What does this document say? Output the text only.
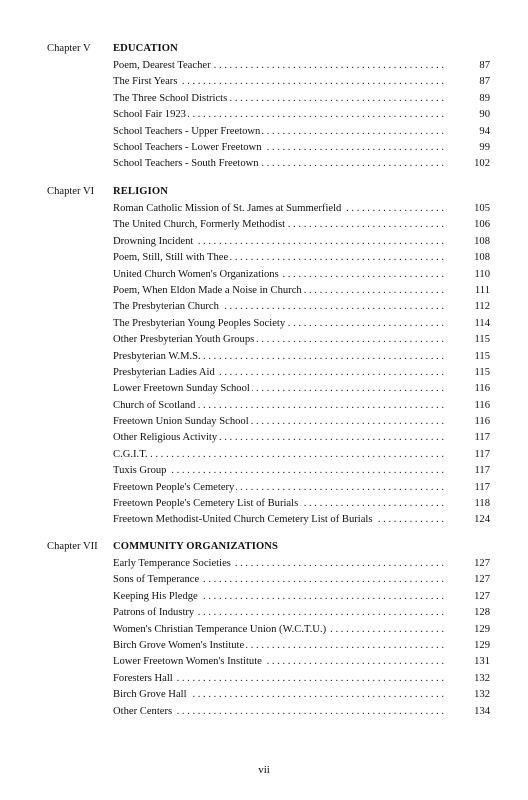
Chapter V EDUCATION
. . .
Poem, Dearest Teacher	87
. . .
The First Years	87
. . .
The Three School Districts	89
. . .
School Fair 1923	90
. . .
School Teachers - Upper Freetown	94
. . .
School Teachers - Lower Freetown	99
. . .
School Teachers - South Freetown	102
Chapter VI RELIGION
. . .
Roman Catholic Mission of St. James at Summerfield	105
. . .
The United Church, Formerly Methodist	106
. . .
Drowning Incident	108
. . .
Poem, Still, Still with Thee	108
. . .
United Church Women's Organizations	110
. . .
Poem, When Eldon Made a Noise in Church	111
. . .
The Presbyterian Church	112
. . .
The Presbyterian Young Peoples Society	114
. . .
Other Presbyterian Youth Groups	115
. . .
Presbyterian W.M.S.	115
. . .
Presbyterian Ladies Aid	115
. . .
Lower Freetown Sunday School	116
. . .
Church of Scotland	116
. . .
Freetown Union Sunday School	116
. . .
Other Religious Activity	117
. . .
C.G.I.T.	117
. . .
Tuxis Group	117
. . .
Freetown People's Cemetery	117
. . .
Freetown People's Cemetery List of Burials	118
. . .
Freetown Methodist-United Church Cemetery List of Burials	124
Chapter VII COMMUNITY ORGANIZATIONS
. . .
Early Temperance Societies	127
. . .
Sons of Temperance	127
. . .
Keeping His Pledge	127
. . .
Patrons of Industry	128
. . .
Women's Christian Temperance Union (W.C.T.U.)	129
. . .
Birch Grove Women's Institute	129
. . .
Lower Freetown Women's Institute	131
. . .
Foresters Hall	132
. . .
Birch Grove Hall	132
. . .
Other Centers	134
vii
